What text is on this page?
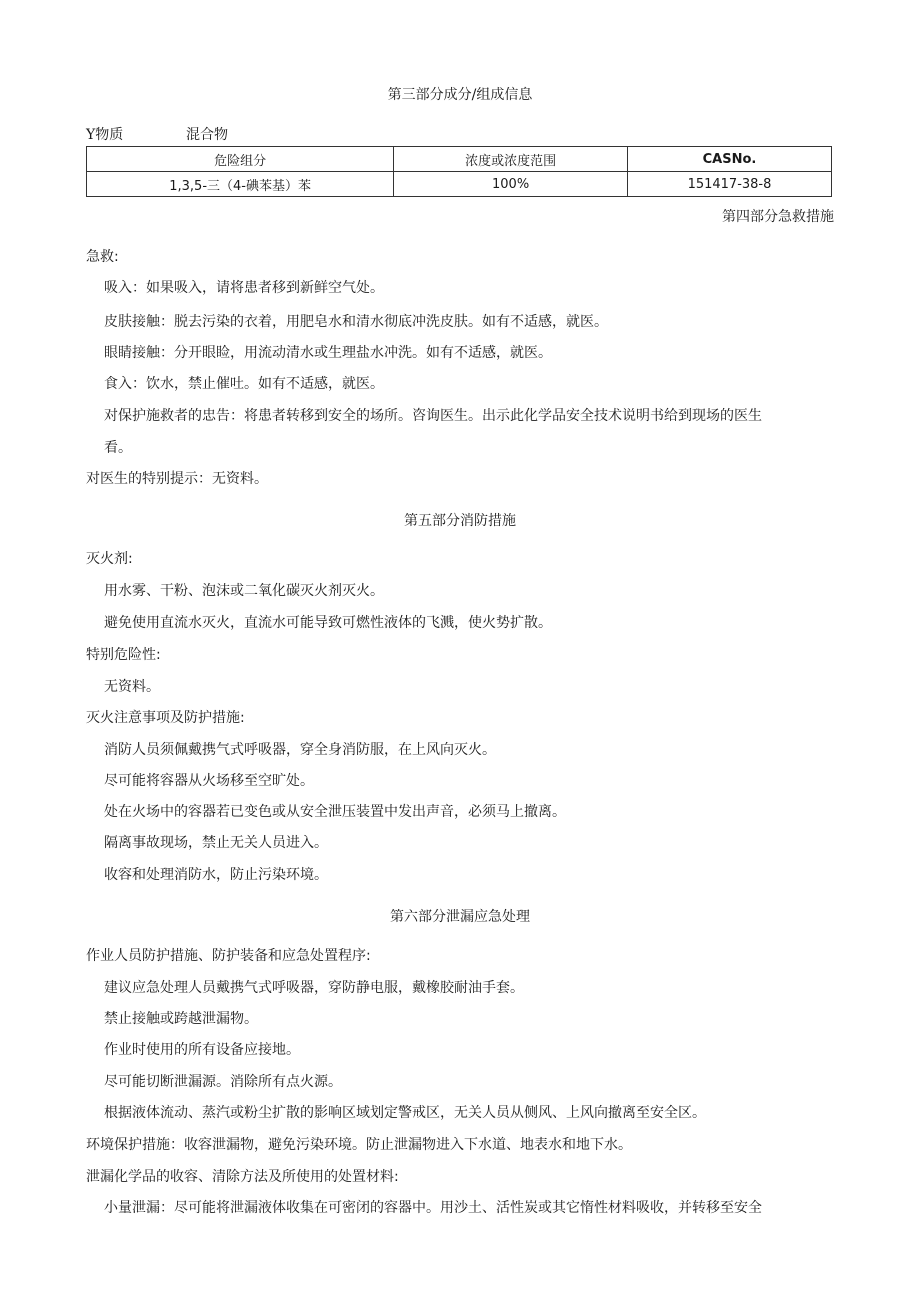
第三部分成分/组成信息
Y物质	混合物
危险组分	浓度或浓度范围	CASNo.
1,3,5-三（4-碘苯基）苯	100%	151417-38-8
第四部分急救措施
急救:
吸入：如果吸入，请将患者移到新鲜空气处。
皮肤接触：脱去污染的衣着，用肥皂水和清水彻底冲洗皮肤。如有不适感，就医。
眼睛接触：分开眼睑，用流动清水或生理盐水冲洗。如有不适感，就医。
食入：饮水，禁止催吐。如有不适感，就医。
对保护施救者的忠告：将患者转移到安全的场所。咨询医生。出示此化学品安全技术说明书给到现场的医生
看。
对医生的特别提示：无资料。
第五部分消防措施
灭火剂:
用水雾、干粉、泡沫或二氧化碳灭火剂灭火。
避免使用直流水灭火，直流水可能导致可燃性液体的飞溅，使火势扩散。
特别危险性:
无资料。
灭火注意事项及防护措施:
消防人员须佩戴携气式呼吸器，穿全身消防服，在上风向灭火。
尽可能将容器从火场移至空旷处。
处在火场中的容器若已变色或从安全泄压装置中发出声音，必须马上撤离。
隔离事故现场，禁止无关人员进入。
收容和处理消防水，防止污染环境。
第六部分泄漏应急处理
作业人员防护措施、防护装备和应急处置程序:
建议应急处理人员戴携气式呼吸器，穿防静电服，戴橡胶耐油手套。
禁止接触或跨越泄漏物。
作业时使用的所有设备应接地。
尽可能切断泄漏源。消除所有点火源。
根据液体流动、蒸汽或粉尘扩散的影响区域划定警戒区，无关人员从侧风、上风向撤离至安全区。
环境保护措施：收容泄漏物，避免污染环境。防止泄漏物进入下水道、地表水和地下水。
泄漏化学品的收容、清除方法及所使用的处置材料:
小量泄漏：尽可能将泄漏液体收集在可密闭的容器中。用沙土、活性炭或其它惰性材料吸收，并转移至安全
